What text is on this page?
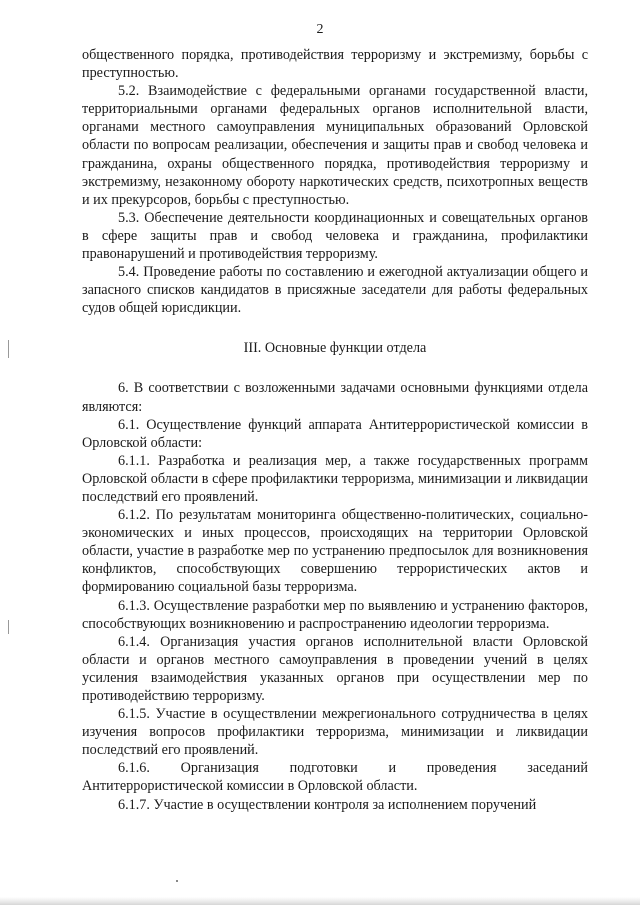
2

общественного порядка, противодействия терроризму и экстремизму, борьбы с преступностью.

5.2. Взаимодействие с федеральными органами государственной власти, территориальными органами федеральных органов исполнительной власти, органами местного самоуправления муниципальных образований Орловской области по вопросам реализации, обеспечения и защиты прав и свобод человека и гражданина, охраны общественного порядка, противодействия терроризму и экстремизму, незаконному обороту наркотических средств, психотропных веществ и их прекурсоров, борьбы с преступностью.

5.3. Обеспечение деятельности координационных и совещательных органов в сфере защиты прав и свобод человека и гражданина, профилактики правонарушений и противодействия терроризму.

5.4. Проведение работы по составлению и ежегодной актуализации общего и запасного списков кандидатов в присяжные заседатели для работы федеральных судов общей юрисдикции.

III. Основные функции отдела

6. В соответствии с возложенными задачами основными функциями отдела являются:

6.1. Осуществление функций аппарата Антитеррористической комиссии в Орловской области:

6.1.1. Разработка и реализация мер, а также государственных программ Орловской области в сфере профилактики терроризма, минимизации и ликвидации последствий его проявлений.

6.1.2. По результатам мониторинга общественно-политических, социально-экономических и иных процессов, происходящих на территории Орловской области, участие в разработке мер по устранению предпосылок для возникновения конфликтов, способствующих совершению террористических актов и формированию социальной базы терроризма.

6.1.3. Осуществление разработки мер по выявлению и устранению факторов, способствующих возникновению и распространению идеологии терроризма.

6.1.4. Организация участия органов исполнительной власти Орловской области и органов местного самоуправления в проведении учений в целях усиления взаимодействия указанных органов при осуществлении мер по противодействию терроризму.

6.1.5. Участие в осуществлении межрегионального сотрудничества в целях изучения вопросов профилактики терроризма, минимизации и ликвидации последствий его проявлений.

6.1.6. Организация подготовки и проведения заседаний Антитеррористической комиссии в Орловской области.

6.1.7. Участие в осуществлении контроля за исполнением поручений
